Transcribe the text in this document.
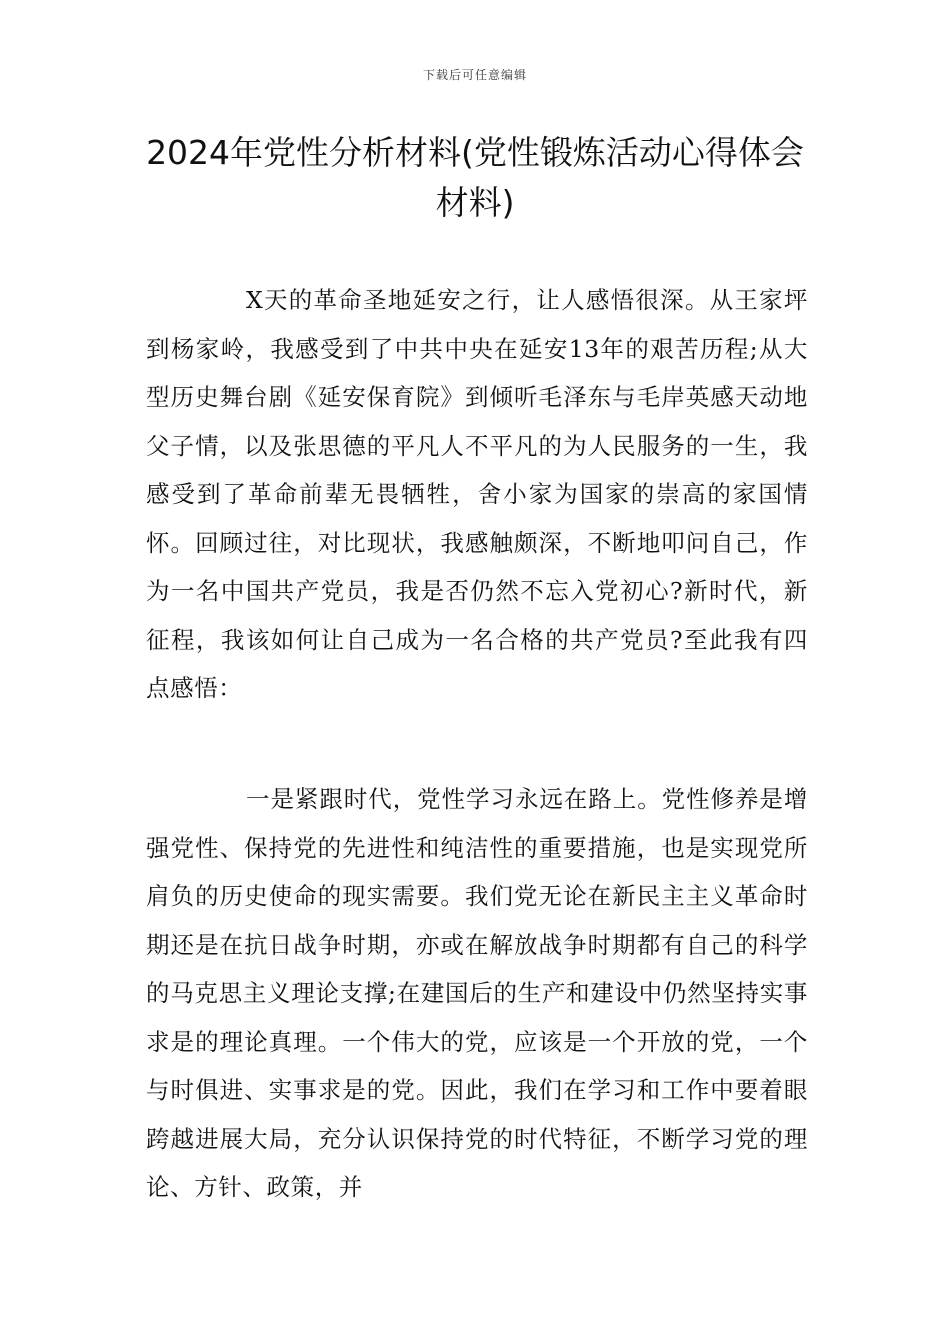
下载后可任意编辑
2024年党性分析材料(党性锻炼活动心得体会材料)

X天的革命圣地延安之行，让人感悟很深。从王家坪到杨家岭，我感受到了中共中央在延安13年的艰苦历程;从大型历史舞台剧《延安保育院》到倾听毛泽东与毛岸英感天动地父子情，以及张思德的平凡人不平凡的为人民服务的一生，我感受到了革命前辈无畏牺牲，舍小家为国家的崇高的家国情怀。回顾过往，对比现状，我感触颇深，不断地叩问自己，作为一名中国共产党员，我是否仍然不忘入党初心?新时代，新征程，我该如何让自己成为一名合格的共产党员?至此我有四点感悟：

一是紧跟时代，党性学习永远在路上。党性修养是增强党性、保持党的先进性和纯洁性的重要措施，也是实现党所肩负的历史使命的现实需要。我们党无论在新民主主义革命时期还是在抗日战争时期，亦或在解放战争时期都有自己的科学的马克思主义理论支撑;在建国后的生产和建设中仍然坚持实事求是的理论真理。一个伟大的党，应该是一个开放的党，一个与时俱进、实事求是的党。因此，我们在学习和工作中要着眼跨越进展大局，充分认识保持党的时代特征，不断学习党的理论、方针、政策，并
